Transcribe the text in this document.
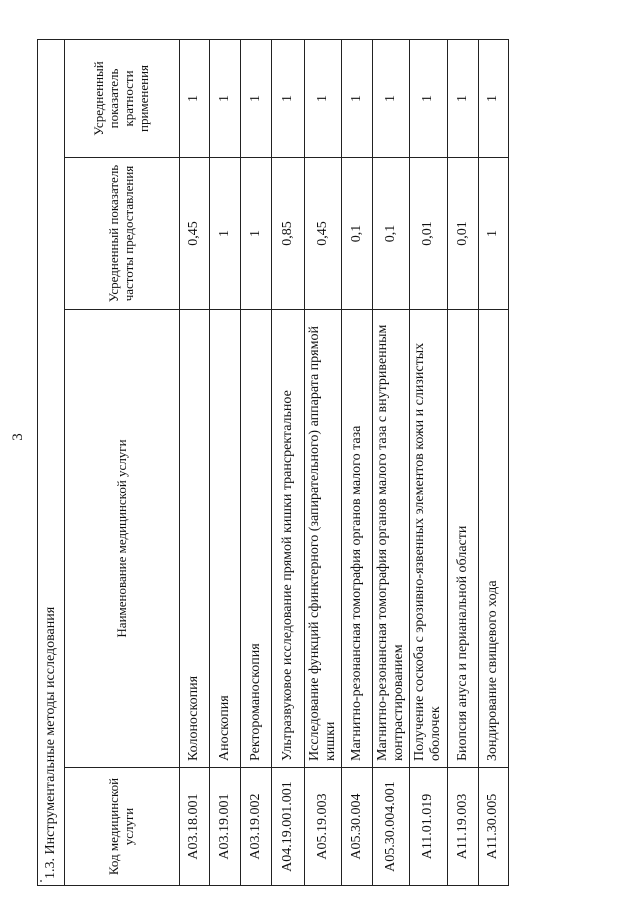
3
1.3. Инструментальные методы исследования			
Код медицинской услуги	Наименование медицинской услуги	Усредненный показатель частоты предоставления	Усредненный показатель кратности применения
A03.18.001	Колоноскопия	0,45	1
A03.19.001	Аноскопия	1	1
A03.19.002	Ректороманоскопия	1	1
A04.19.001.001	Ультразвуковое исследование прямой кишки трансректальное	0,85	1
A05.19.003	Исследование функций сфинктерного (запирательного) аппарата прямой кишки	0,45	1
A05.30.004	Магнитно-резонансная томография органов малого таза	0,1	1
A05.30.004.001	Магнитно-резонансная томография органов малого таза с внутривенным контрастированием	0,1	1
A11.01.019	Получение соскоба с эрозивно-язвенных элементов кожи и слизистых оболочек	0,01	1
A11.19.003	Биопсия ануса и перианальной области	0,01	1
A11.30.005	Зондирование свищевого хода	1	1
